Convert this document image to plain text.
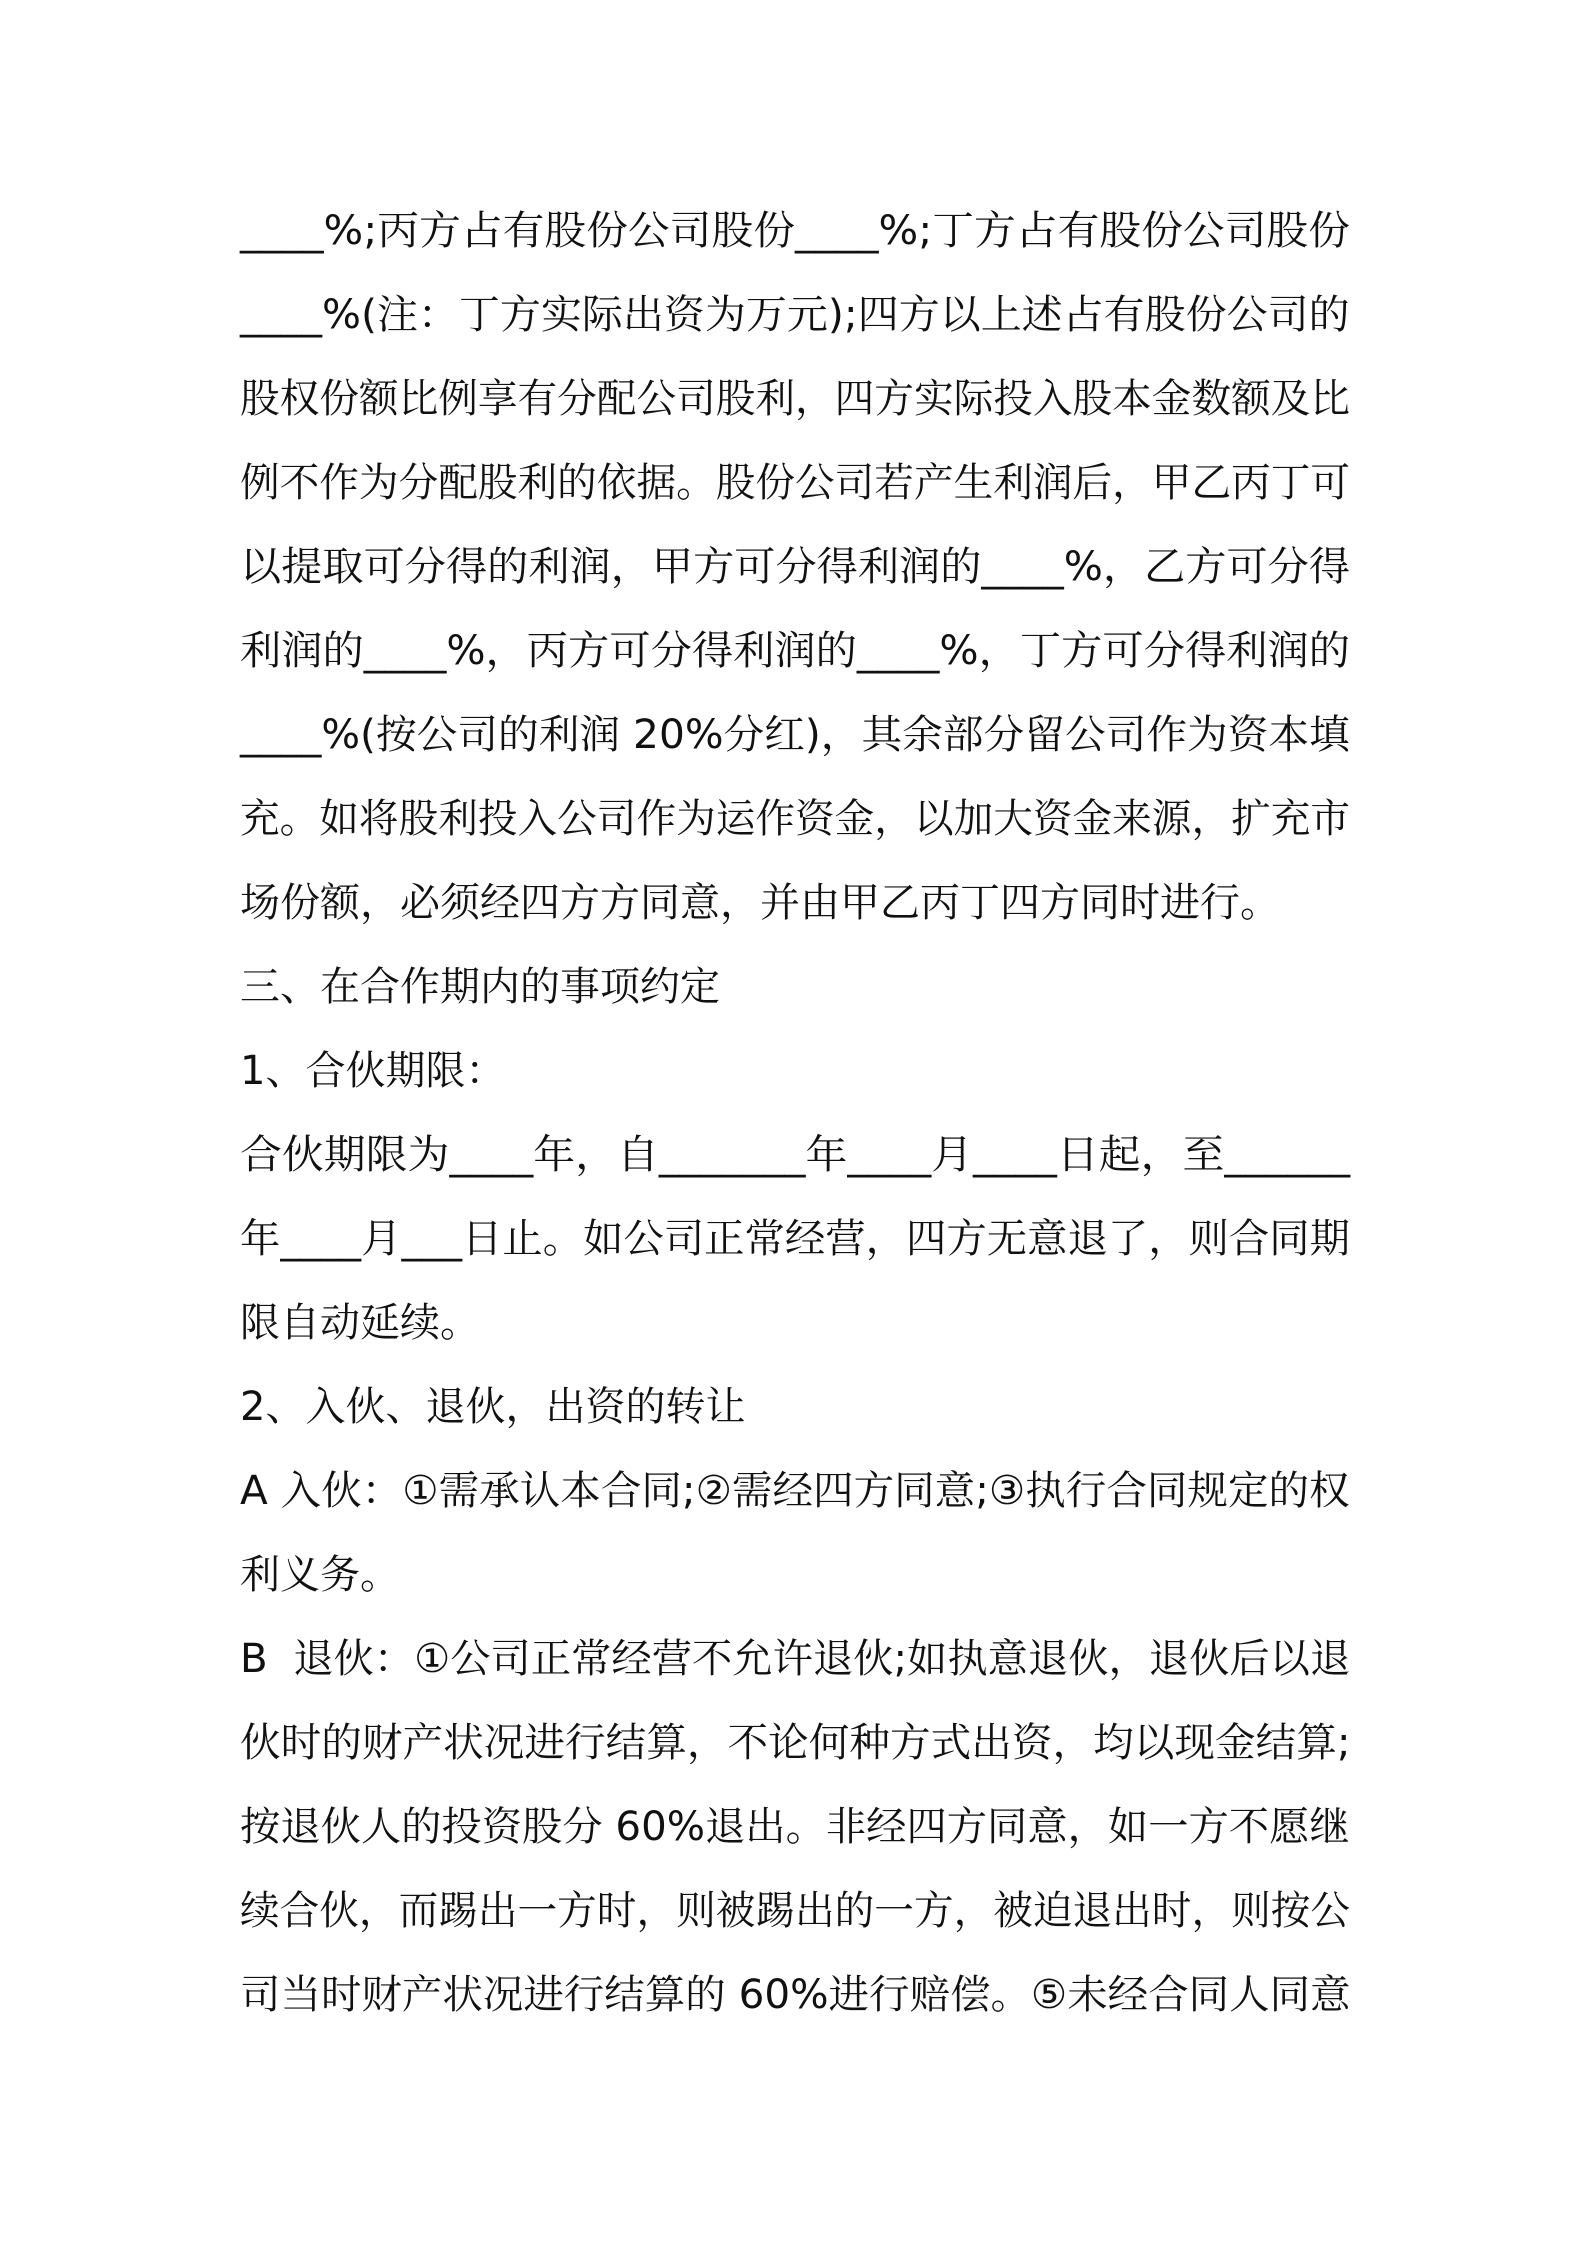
____%;丙方占有股份公司股份____%;丁方占有股份公司股份
____%(注：丁方实际出资为万元);四方以上述占有股份公司的
股权份额比例享有分配公司股利，四方实际投入股本金数额及比
例不作为分配股利的依据。股份公司若产生利润后，甲乙丙丁可
以提取可分得的利润，甲方可分得利润的____%，乙方可分得
利润的____%，丙方可分得利润的____%，丁方可分得利润的
____%(按公司的利润 20%分红)，其余部分留公司作为资本填
充。如将股利投入公司作为运作资金，以加大资金来源，扩充市
场份额，必须经四方方同意，并由甲乙丙丁四方同时进行。
三、在合作期内的事项约定
1、合伙期限：
合伙期限为____年，自_______年____月____日起，至______
年____月___日止。如公司正常经营，四方无意退了，则合同期
限自动延续。
2、入伙、退伙，出资的转让
A 入伙：①需承认本合同;②需经四方同意;③执行合同规定的权
利义务。
B  退伙：①公司正常经营不允许退伙;如执意退伙，退伙后以退
伙时的财产状况进行结算，不论何种方式出资，均以现金结算;
按退伙人的投资股分 60%退出。非经四方同意，如一方不愿继
续合伙，而踢出一方时，则被踢出的一方，被迫退出时，则按公
司当时财产状况进行结算的 60%进行赔偿。⑤未经合同人同意
